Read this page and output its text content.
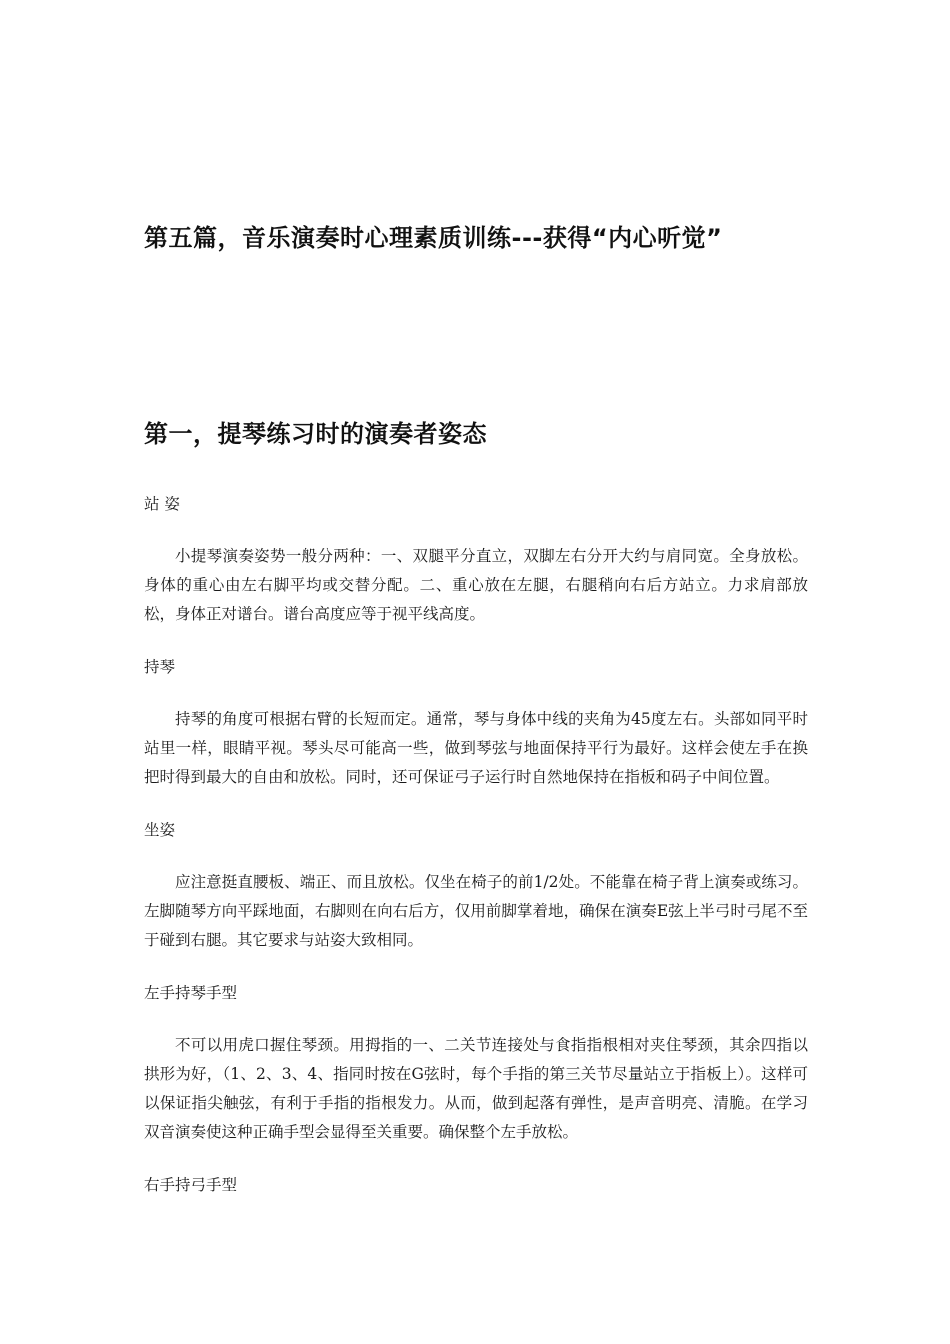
第五篇，音乐演奏时心理素质训练---获得“内心听觉”
第一，提琴练习时的演奏者姿态
站 姿

小提琴演奏姿势一般分两种：一、双腿平分直立，双脚左右分开大约与肩同宽。全身放松。身体的重心由左右脚平均或交替分配。二、重心放在左腿，右腿稍向右后方站立。力求肩部放松，身体正对谱台。谱台高度应等于视平线高度。

持琴

持琴的角度可根据右臂的长短而定。通常，琴与身体中线的夹角为45度左右。头部如同平时站里一样，眼睛平视。琴头尽可能高一些，做到琴弦与地面保持平行为最好。这样会使左手在换把时得到最大的自由和放松。同时，还可保证弓子运行时自然地保持在指板和码子中间位置。

坐姿

应注意挺直腰板、端正、而且放松。仅坐在椅子的前1/2处。不能靠在椅子背上演奏或练习。左脚随琴方向平踩地面，右脚则在向右后方，仅用前脚掌着地，确保在演奏E弦上半弓时弓尾不至于碰到右腿。其它要求与站姿大致相同。

左手持琴手型

不可以用虎口握住琴颈。用拇指的一、二关节连接处与食指指根相对夹住琴颈，其余四指以拱形为好，（1、2、3、4、指同时按在G弦时，每个手指的第三关节尽量站立于指板上）。这样可以保证指尖触弦，有利于手指的指根发力。从而，做到起落有弹性，是声音明亮、清脆。在学习双音演奏使这种正确手型会显得至关重要。确保整个左手放松。

右手持弓手型
